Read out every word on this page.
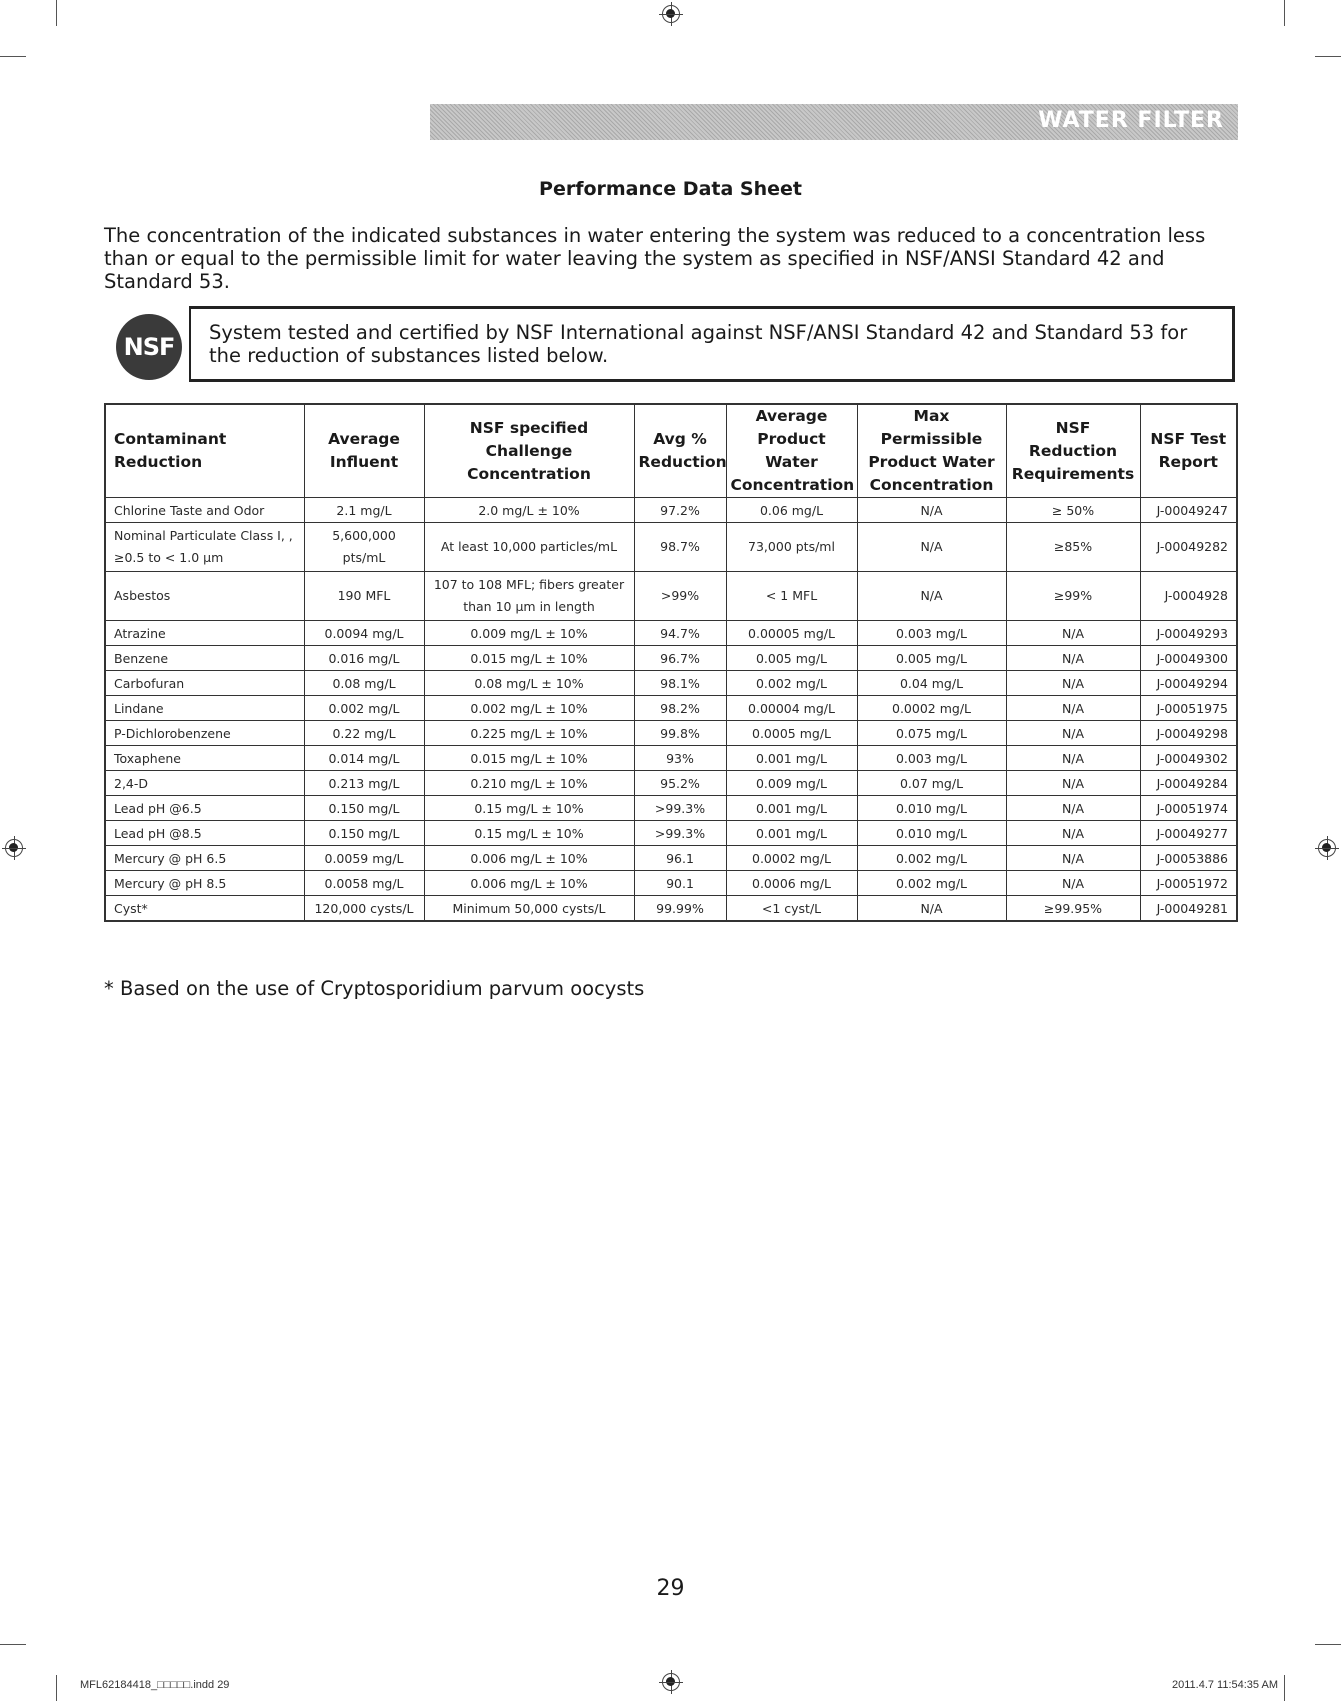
WATER FILTER
Performance Data Sheet
The concentration of the indicated substances in water entering the system was reduced to a concentration less than or equal to the permissible limit for water leaving the system as specified in NSF/ANSI Standard 42 and Standard 53.
NSF
System tested and certified by NSF International against NSF/ANSI Standard 42 and Standard 53 for the reduction of substances listed below.
Contaminant Reduction	Average Influent	NSF specified Challenge Concentration	Avg % Reduction	Average Product Water Concentration	Max Permissible Product Water Concentration	NSF Reduction Requirements	NSF Test Report
Chlorine Taste and Odor	2.1 mg/L	2.0 mg/L ± 10%	97.2%	0.06 mg/L	N/A	≥ 50%	J-00049247
Nominal Particulate Class I, , ≥0.5 to < 1.0 µm	5,600,000 pts/mL	At least 10,000 particles/mL	98.7%	73,000 pts/ml	N/A	≥85%	J-00049282
Asbestos	190 MFL	107 to 108 MFL; fibers greater than 10 µm in length	>99%	< 1 MFL	N/A	≥99%	J-0004928
Atrazine	0.0094 mg/L	0.009 mg/L ± 10%	94.7%	0.00005 mg/L	0.003 mg/L	N/A	J-00049293
Benzene	0.016 mg/L	0.015 mg/L ± 10%	96.7%	0.005 mg/L	0.005 mg/L	N/A	J-00049300
Carbofuran	0.08 mg/L	0.08 mg/L ± 10%	98.1%	0.002 mg/L	0.04 mg/L	N/A	J-00049294
Lindane	0.002 mg/L	0.002 mg/L ± 10%	98.2%	0.00004 mg/L	0.0002 mg/L	N/A	J-00051975
P-Dichlorobenzene	0.22 mg/L	0.225 mg/L ± 10%	99.8%	0.0005 mg/L	0.075 mg/L	N/A	J-00049298
Toxaphene	0.014 mg/L	0.015 mg/L ± 10%	93%	0.001 mg/L	0.003 mg/L	N/A	J-00049302
2,4-D	0.213 mg/L	0.210 mg/L ± 10%	95.2%	0.009 mg/L	0.07 mg/L	N/A	J-00049284
Lead pH @6.5	0.150 mg/L	0.15 mg/L ± 10%	>99.3%	0.001 mg/L	0.010 mg/L	N/A	J-00051974
Lead pH @8.5	0.150 mg/L	0.15 mg/L ± 10%	>99.3%	0.001 mg/L	0.010 mg/L	N/A	J-00049277
Mercury @ pH 6.5	0.0059 mg/L	0.006 mg/L ± 10%	96.1	0.0002 mg/L	0.002 mg/L	N/A	J-00053886
Mercury @ pH 8.5	0.0058 mg/L	0.006 mg/L ± 10%	90.1	0.0006 mg/L	0.002 mg/L	N/A	J-00051972
Cyst*	120,000 cysts/L	Minimum 50,000 cysts/L	99.99%	<1 cyst/L	N/A	≥99.95%	J-00049281
* Based on the use of Cryptosporidium parvum oocysts
29
MFL62184418_□□□□□.indd 29	2011.4.7 11:54:35 AM
